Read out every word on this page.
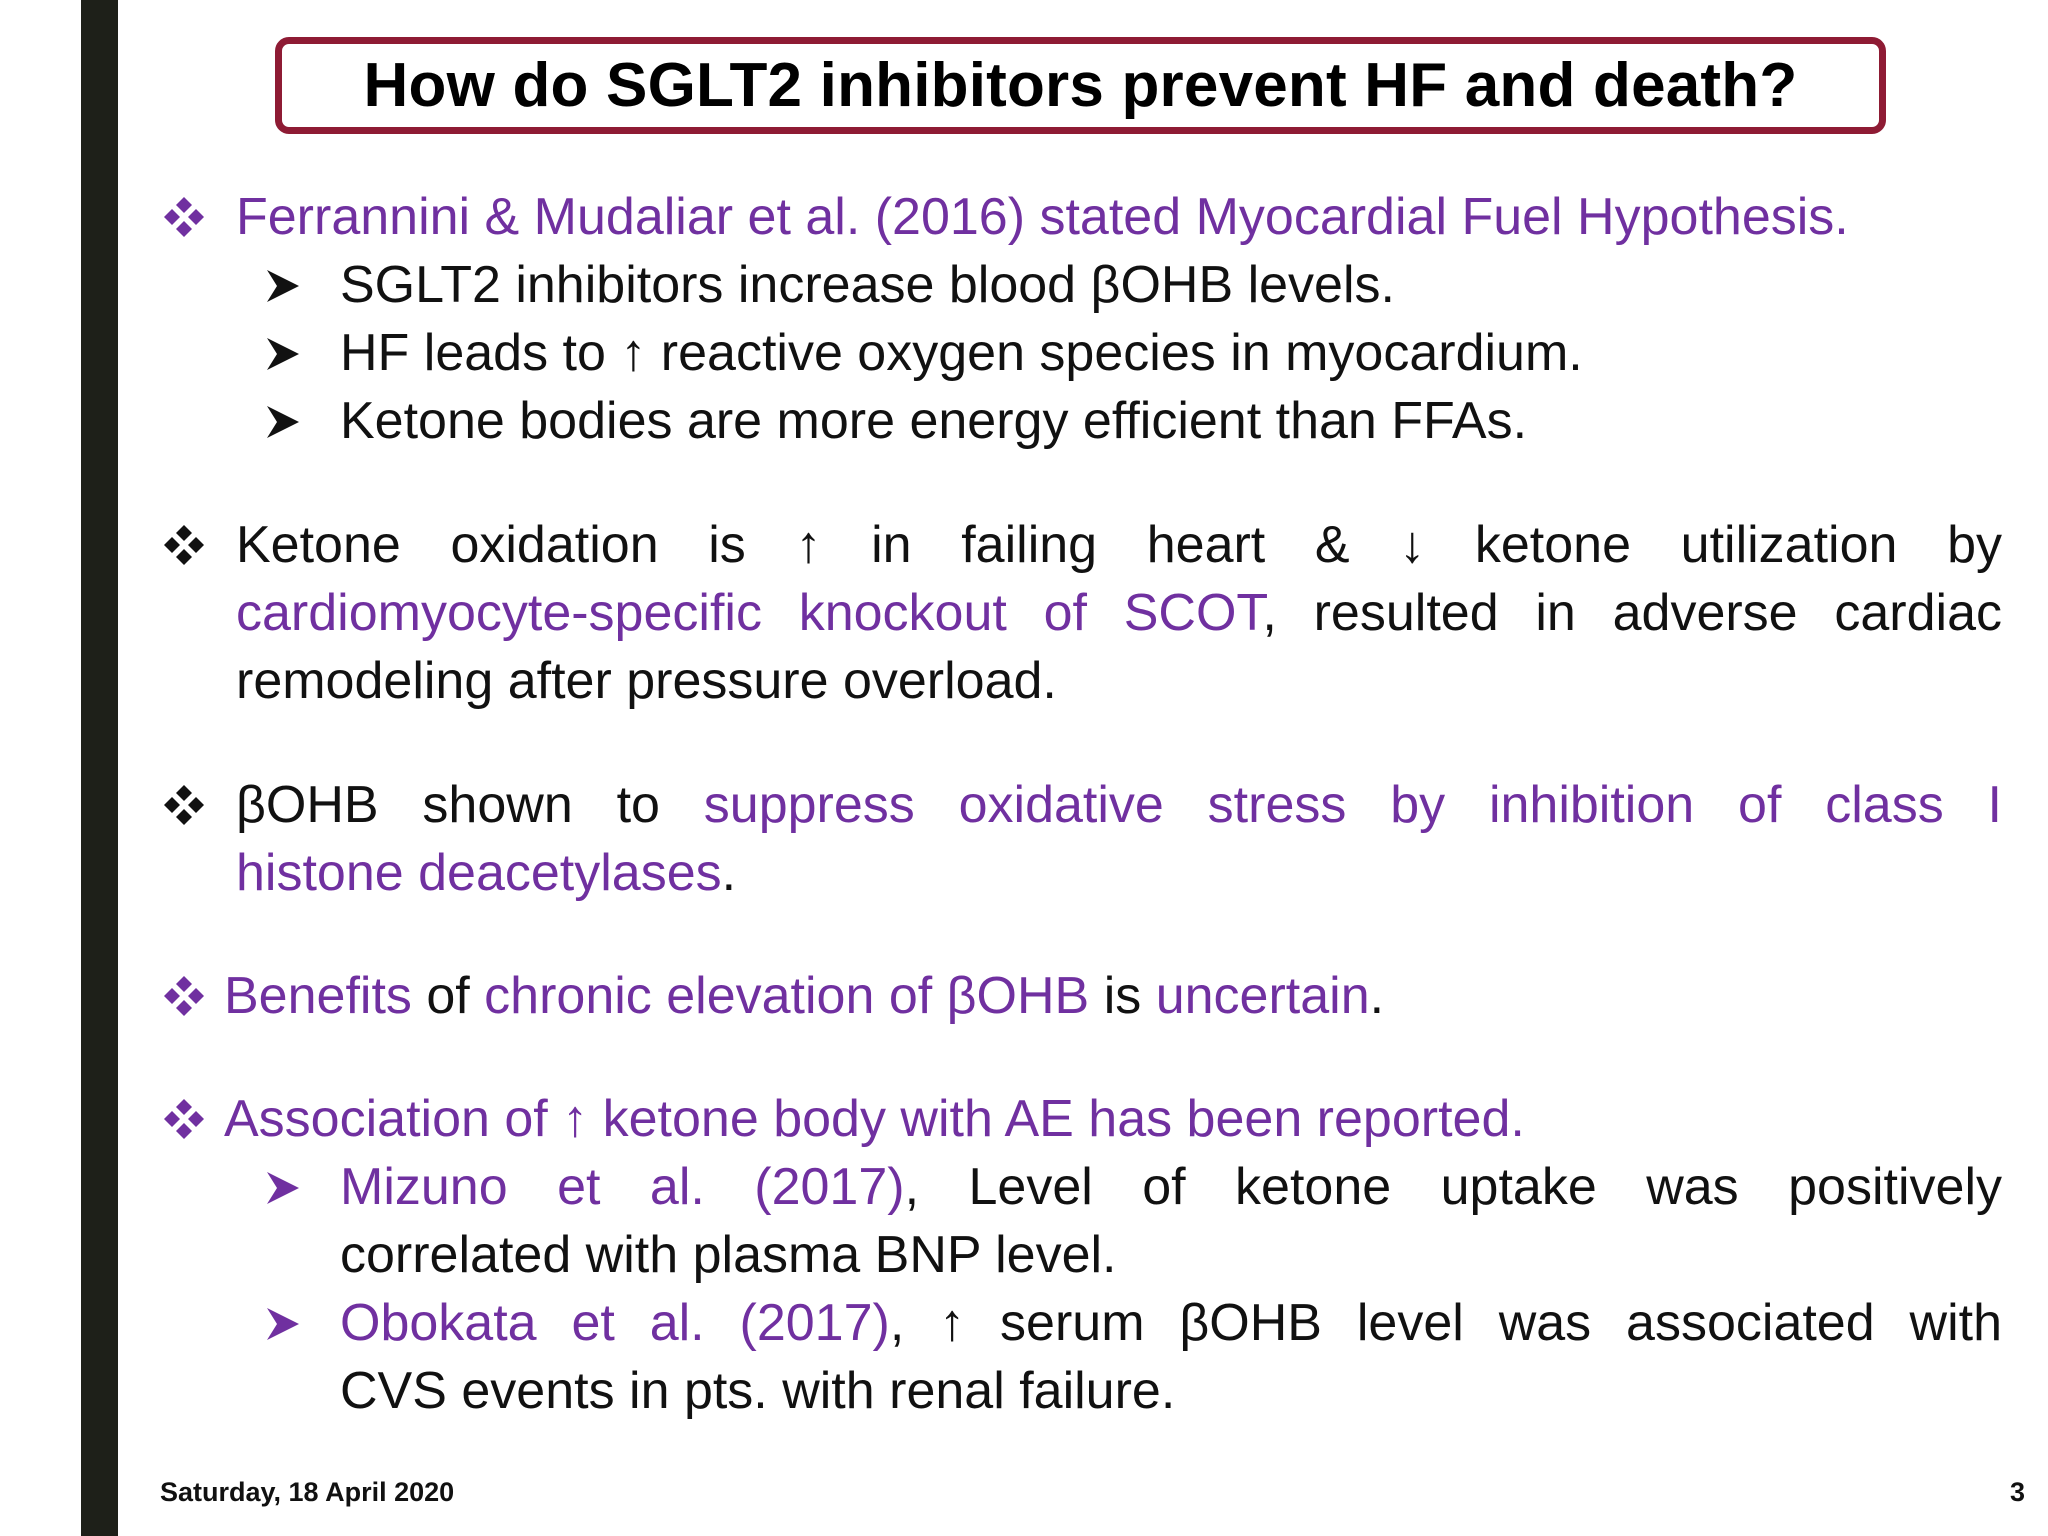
How do SGLT2 inhibitors prevent HF and death?
Ferrannini & Mudaliar et al. (2016) stated Myocardial Fuel Hypothesis.
SGLT2 inhibitors increase blood βOHB levels.
HF leads to ↑ reactive oxygen species in myocardium.
Ketone bodies are more energy efficient than FFAs.
Ketone oxidation is ↑ in failing heart & ↓ ketone utilization by
cardiomyocyte-specific knockout of SCOT, resulted in adverse cardiac
remodeling after pressure overload.
βOHB shown to suppress oxidative stress by inhibition of class I
histone deacetylases.
Benefits of chronic elevation of βOHB is uncertain.
Association of ↑ ketone body with AE has been reported.
Mizuno et al. (2017), Level of ketone uptake was positively
correlated with plasma BNP level.
Obokata et al. (2017), ↑ serum βOHB level was associated with
CVS events in pts. with renal failure.
Saturday, 18 April 2020	3
